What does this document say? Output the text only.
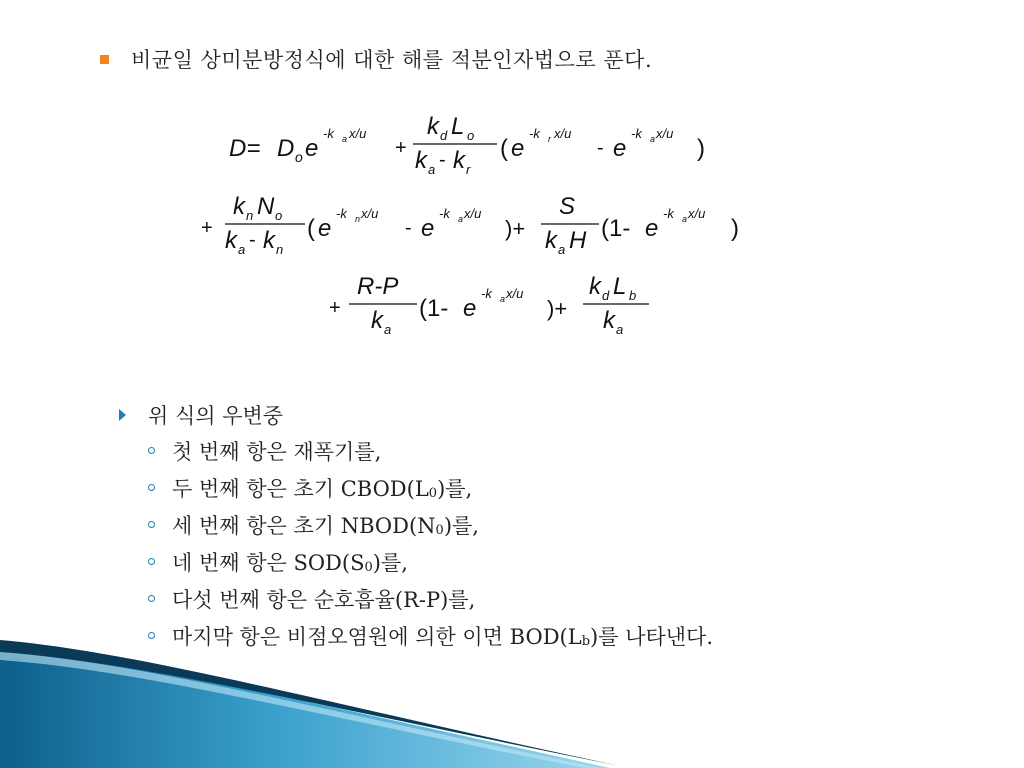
비균일 상미분방정식에 대한 해를 적분인자법으로 푼다.
D= D o e
-k a x/u
+
k d L o
k a - k r
( e
-k r x/u
- e
-k a x/u
)
+
k n N o
k a - k n
( e
-k n x/u
- e
-k a x/u
)+
S
k a H (1- e
-k a x/u
)
+
R-P
k a
(1- e
-k a x/u
)+
k d L b
k a
위 식의 우변중
첫 번째 항은 재폭기를,
두 번째 항은 초기 CBOD(L 0 )를,
세 번째 항은 초기 NBOD(N 0 )를,
네 번째 항은 SOD(S 0 )를,
다섯 번째 항은 순호흡율(R-P)를,
마지막 항은 비점오염원에 의한 이면 BOD(L b )를 나타낸다.
